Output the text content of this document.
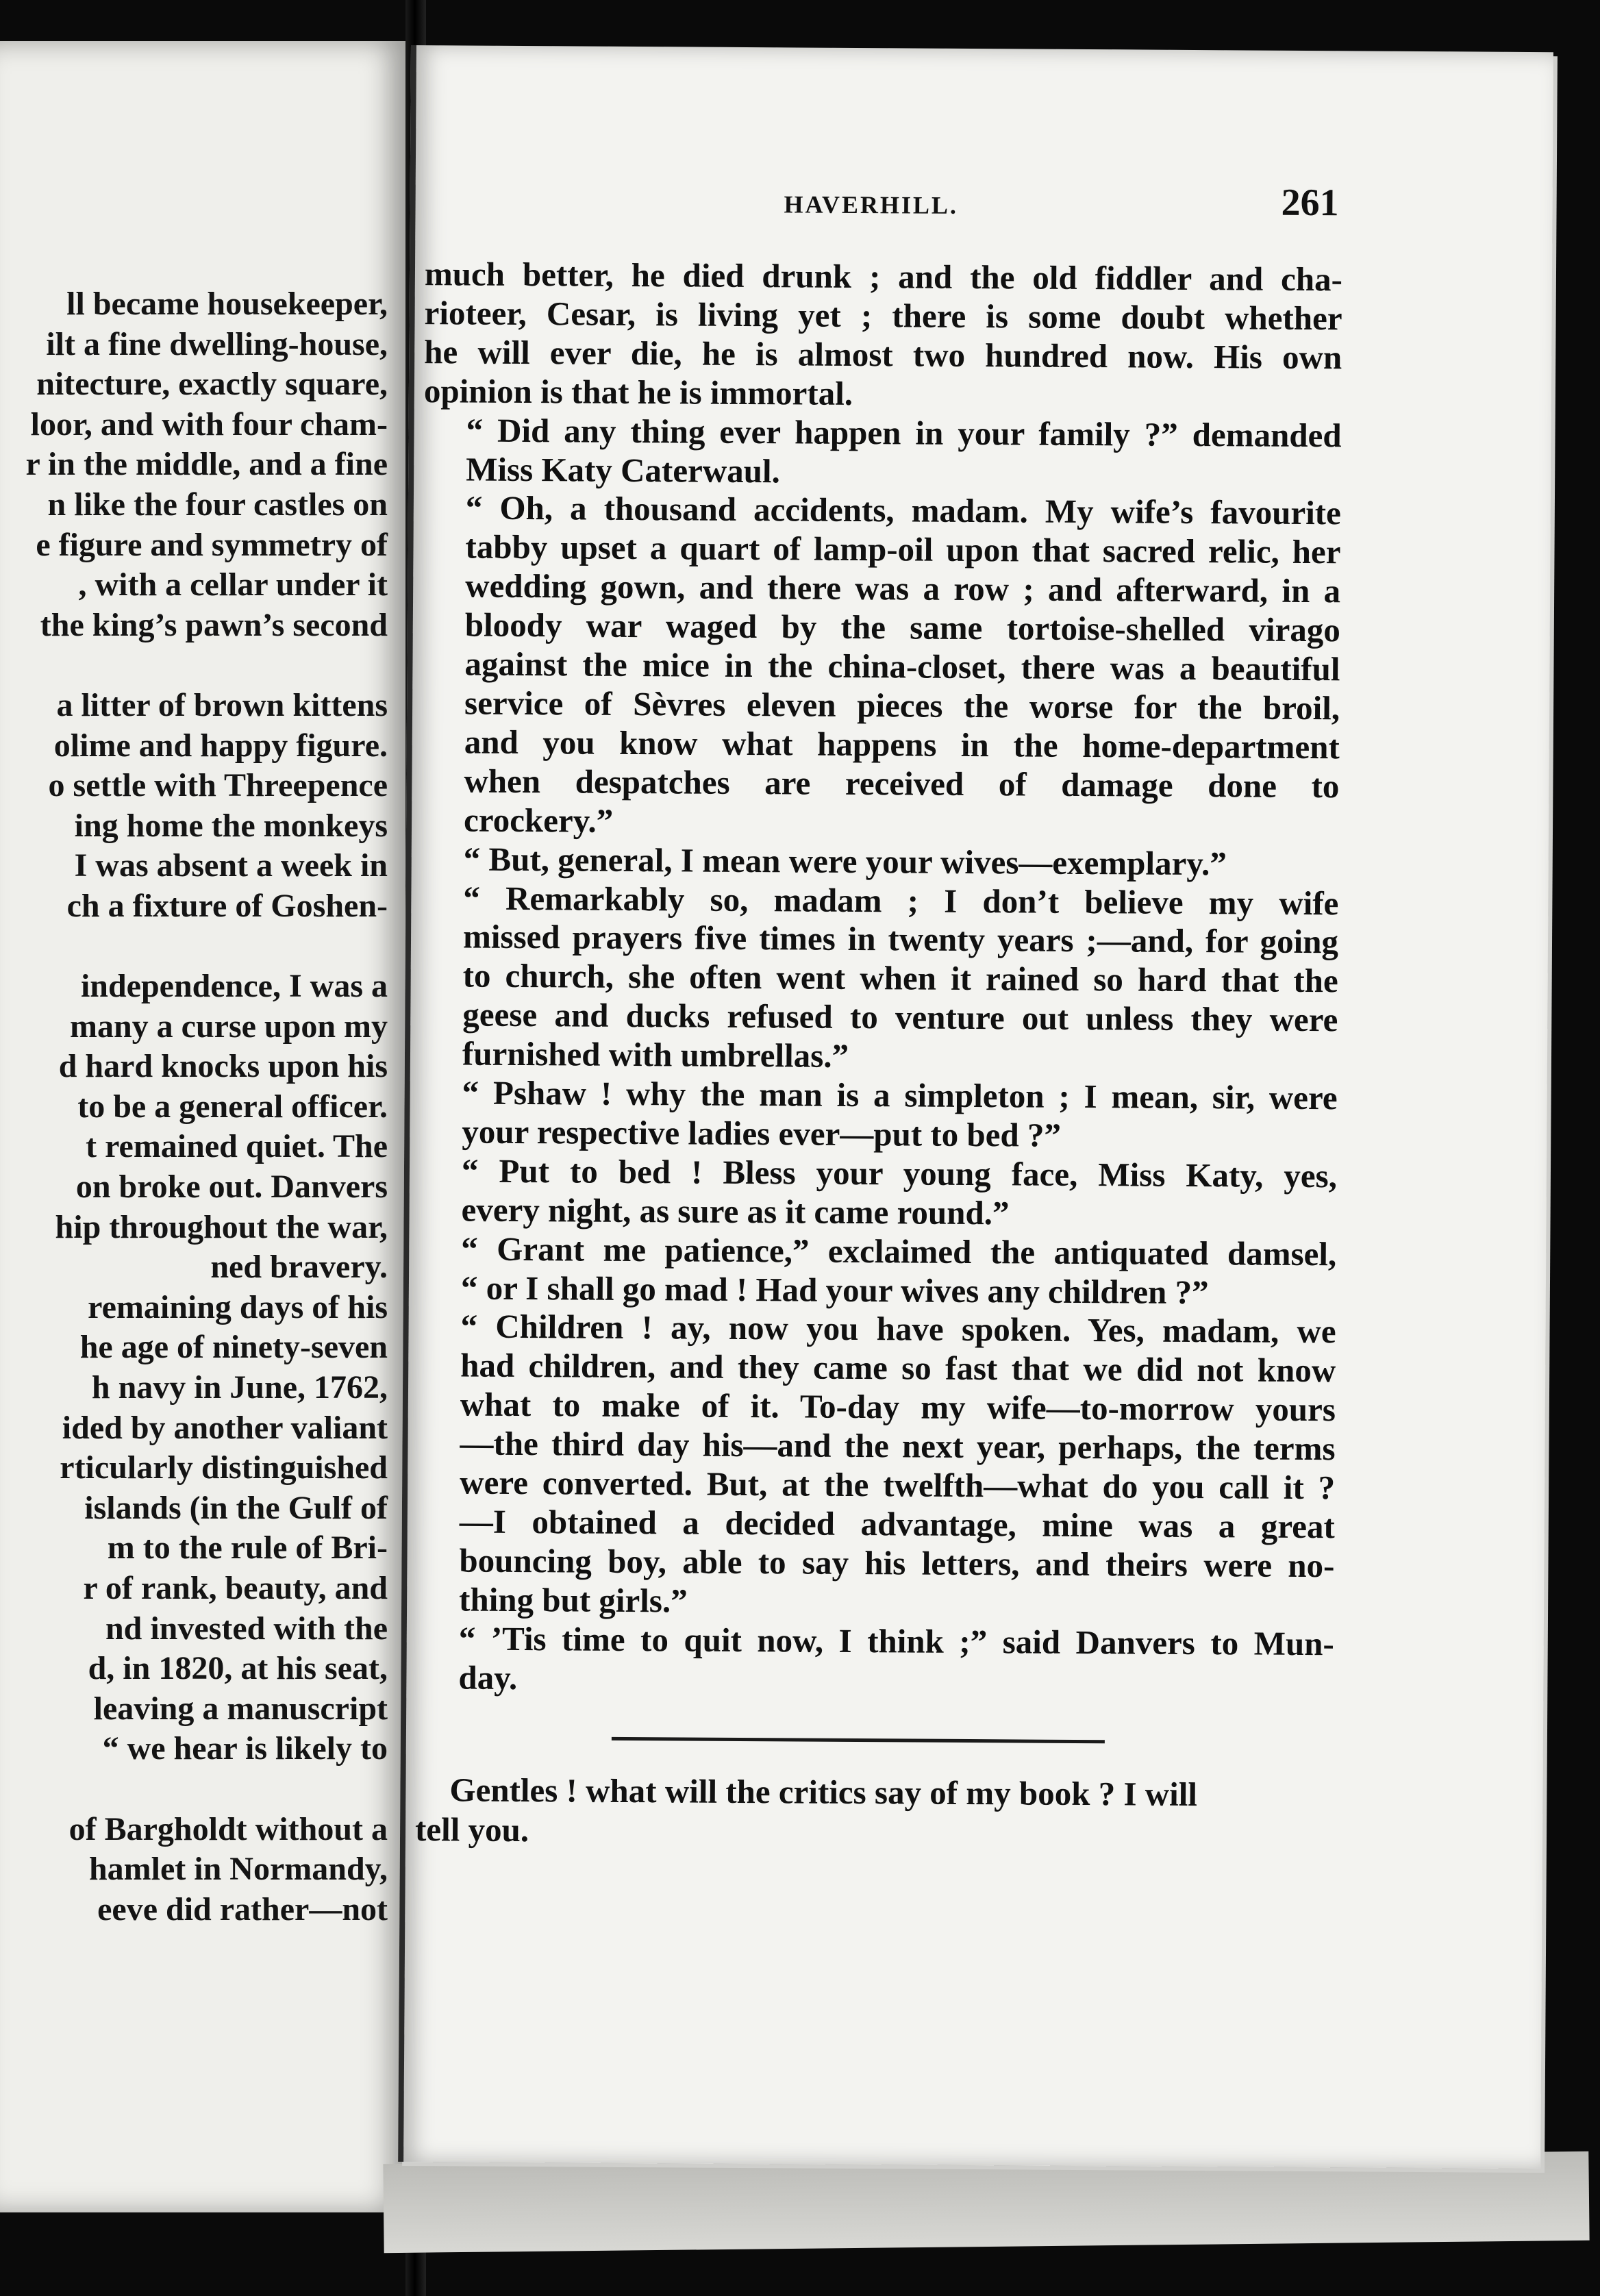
ll became housekeeper,
ilt a fine dwelling-house,
nitecture, exactly square,
loor, and with four cham-
r in the middle, and a fine
n like the four castles on
e figure and symmetry of
, with a cellar under it
the king’s pawn’s second
a litter of brown kittens
olime and happy figure.
o settle with Threepence
ing home the monkeys
I was absent a week in
ch a fixture of Goshen-
independence, I was a
many a curse upon my
d hard knocks upon his
to be a general officer.
t remained quiet. The
on broke out. Danvers
hip throughout the war,
ned bravery.
remaining days of his
he age of ninety-seven
h navy in June, 1762,
ided by another valiant
rticularly distinguished
islands (in the Gulf of
m to the rule of Bri-
r of rank, beauty, and
nd invested with the
d, in 1820, at his seat,
leaving a manuscript
“ we hear is likely to
of Bargholdt without a
hamlet in Normandy,
eeve did rather—not
HAVERHILL.	261

much better, he died drunk ; and the old fiddler and cha-
rioteer, Cesar, is living yet ; there is some doubt whether
he will ever die, he is almost two hundred now. His own
opinion is that he is immortal.

“ Did any thing ever happen in your family ?” demanded
Miss Katy Caterwaul.

“ Oh, a thousand accidents, madam. My wife’s favourite
tabby upset a quart of lamp-oil upon that sacred relic, her
wedding gown, and there was a row ; and afterward, in a
bloody war waged by the same tortoise-shelled virago
against the mice in the china-closet, there was a beautiful
service of Sèvres eleven pieces the worse for the broil,
and you know what happens in the home-department
when despatches are received of damage done to
crockery.”

“ But, general, I mean were your wives—exemplary.”

“ Remarkably so, madam ; I don’t believe my wife
missed prayers five times in twenty years ;—and, for going
to church, she often went when it rained so hard that the
geese and ducks refused to venture out unless they were
furnished with umbrellas.”

“ Pshaw ! why the man is a simpleton ; I mean, sir, were
your respective ladies ever—put to bed ?”

“ Put to bed ! Bless your young face, Miss Katy, yes,
every night, as sure as it came round.”

“ Grant me patience,” exclaimed the antiquated damsel,
“ or I shall go mad ! Had your wives any children ?”

“ Children ! ay, now you have spoken. Yes, madam, we
had children, and they came so fast that we did not know
what to make of it. To-day my wife—to-morrow yours
—the third day his—and the next year, perhaps, the terms
were converted. But, at the twelfth—what do you call it ?
—I obtained a decided advantage, mine was a great
bouncing boy, able to say his letters, and theirs were no-
thing but girls.”

“ ’Tis time to quit now, I think ;” said Danvers to Mun-
day.

Gentles ! what will the critics say of my book ? I will
tell you.
